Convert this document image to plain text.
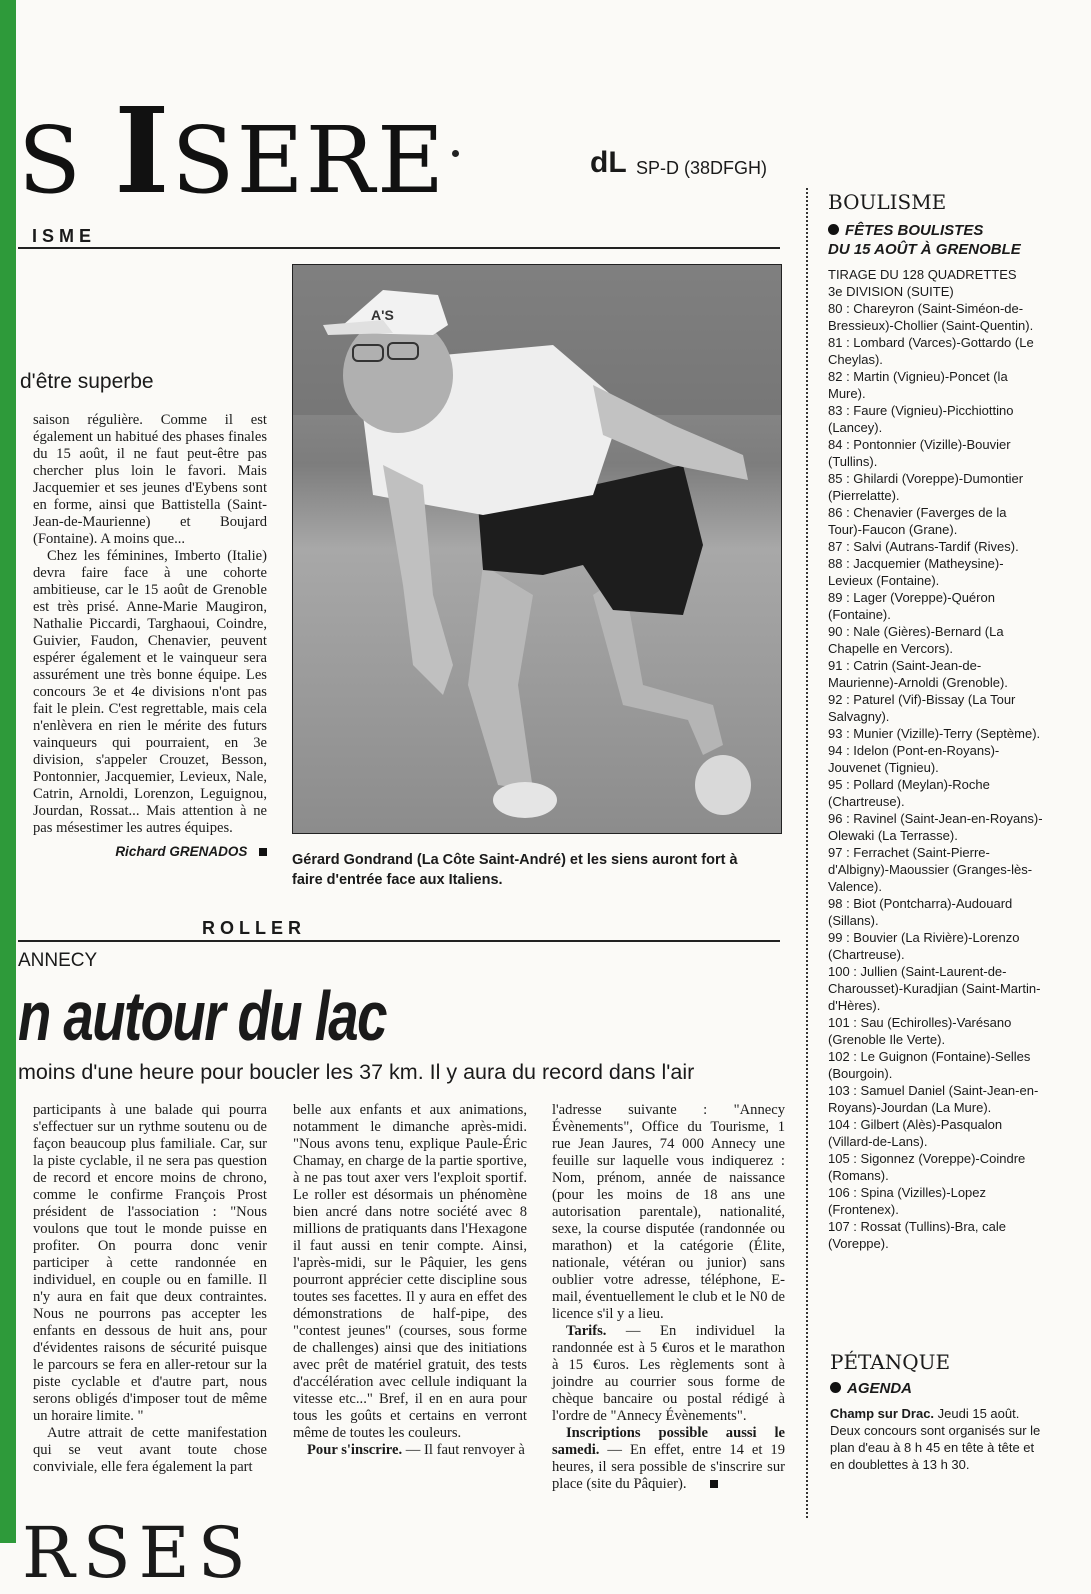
S ISERE	dL SP-D (38DFGH)
ISME
d'être superbe

saison régulière. Comme il est également un habitué des phases finales du 15 août, il ne faut peut-être pas chercher plus loin le favori. Mais Jacquemier et ses jeunes d'Eybens sont en forme, ainsi que Battistella (Saint-Jean-de-Maurienne) et Boujard (Fontaine). A moins que...

Chez les féminines, Imberto (Italie) devra faire face à une cohorte ambitieuse, car le 15 août de Grenoble est très prisé. Anne-Marie Maugiron, Nathalie Piccardi, Targhaoui, Coindre, Guivier, Faudon, Chenavier, peuvent espérer également et le vainqueur sera assurément une très bonne équipe. Les concours 3e et 4e divisions n'ont pas fait le plein. C'est regrettable, mais cela n'enlèvera en rien le mérite des futurs vainqueurs qui pourraient, en 3e division, s'appeler Crouzet, Besson, Pontonnier, Jacquemier, Levieux, Nale, Catrin, Arnoldi, Lorenzon, Leguignou, Jourdan, Rossat... Mais attention à ne pas mésestimer les autres équipes.

Richard GRENADOS
A'S
Gérard Gondrand (La Côte Saint-André) et les siens auront fort à faire d'entrée face aux Italiens.
ROLLER
ANNECY
n autour du lac
moins d'une heure pour boucler les 37 km. Il y aura du record dans l'air

participants à une balade qui pourra s'effectuer sur un rythme soutenu ou de façon beaucoup plus familiale. Car, sur la piste cyclable, il ne sera pas question de record et encore moins de chrono, comme le confirme François Prost président de l'association : "Nous voulons que tout le monde puisse en profiter. On pourra donc venir participer à cette randonnée en individuel, en couple ou en famille. Il n'y aura en fait que deux contraintes. Nous ne pourrons pas accepter les enfants en dessous de huit ans, pour d'évidentes raisons de sécurité puisque le parcours se fera en aller-retour sur la piste cyclable et d'autre part, nous serons obligés d'imposer tout de même un horaire limite. "

Autre attrait de cette manifestation qui se veut avant toute chose conviviale, elle fera également la part

belle aux enfants et aux animations, notamment le dimanche après-midi. "Nous avons tenu, explique Paule-Éric Chamay, en charge de la partie sportive, à ne pas tout axer vers l'exploit sportif. Le roller est désormais un phénomène bien ancré dans notre société avec 8 millions de pratiquants dans l'Hexagone il faut aussi en tenir compte. Ainsi, l'après-midi, sur le Pâquier, les gens pourront apprécier cette discipline sous toutes ses facettes. Il y aura en effet des démonstrations de half-pipe, des "contest jeunes" (courses, sous forme de challenges) ainsi que des initiations avec prêt de matériel gratuit, des tests d'accélération avec cellule indiquant la vitesse etc..." Bref, il en en aura pour tous les goûts et certains en verront même de toutes les couleurs.

Pour s'inscrire. — Il faut renvoyer à

l'adresse suivante : "Annecy Évènements", Office du Tourisme, 1 rue Jean Jaures, 74 000 Annecy une feuille sur laquelle vous indiquerez : Nom, prénom, année de naissance (pour les moins de 18 ans une autorisation parentale), nationalité, sexe, la course disputée (randonnée ou marathon) et la catégorie (Élite, nationale, vétéran ou junior) sans oublier votre adresse, téléphone, E-mail, éventuellement le club et le N0 de licence s'il y a lieu.

Tarifs. — En individuel la randonnée est à 5 €uros et le marathon à 15 €uros. Les règlements sont à joindre au courrier sous forme de chèque bancaire ou postal rédigé à l'ordre de "Annecy Évènements".

Inscriptions possible aussi le samedi. — En effet, entre 14 et 19 heures, il sera possible de s'inscrire sur place (site du Pâquier).

BOULISME
FÊTES BOULISTES
DU 15 AOÛT À GRENOBLE
TIRAGE DU 128 QUADRETTES
3e DIVISION (SUITE)
80 : Chareyron (Saint-Siméon-de-Bressieux)-Chollier (Saint-Quentin).
81 : Lombard (Varces)-Gottardo (Le Cheylas).
82 : Martin (Vignieu)-Poncet (la Mure).
83 : Faure (Vignieu)-Picchiottino (Lancey).
84 : Pontonnier (Vizille)-Bouvier (Tullins).
85 : Ghilardi (Voreppe)-Dumontier (Pierrelatte).
86 : Chenavier (Faverges de la Tour)-Faucon (Grane).
87 : Salvi (Autrans-Tardif (Rives).
88 : Jacquemier (Matheysine)-Levieux (Fontaine).
89 : Lager (Voreppe)-Quéron (Fontaine).
90 : Nale (Gières)-Bernard (La Chapelle en Vercors).
91 : Catrin (Saint-Jean-de-Maurienne)-Arnoldi (Grenoble).
92 : Paturel (Vif)-Bissay (La Tour Salvagny).
93 : Munier (Vizille)-Terry (Septème).
94 : Idelon (Pont-en-Royans)-Jouvenet (Tignieu).
95 : Pollard (Meylan)-Roche (Chartreuse).
96 : Ravinel (Saint-Jean-en-Royans)-Olewaki (La Terrasse).
97 : Ferrachet (Saint-Pierre-d'Albigny)-Maoussier (Granges-lès-Valence).
98 : Biot (Pontcharra)-Audouard (Sillans).
99 : Bouvier (La Rivière)-Lorenzo (Chartreuse).
100 : Jullien (Saint-Laurent-de-Charousset)-Kuradjian (Saint-Martin-d'Hères).
101 : Sau (Echirolles)-Varésano (Grenoble Ile Verte).
102 : Le Guignon (Fontaine)-Selles (Bourgoin).
103 : Samuel Daniel (Saint-Jean-en-Royans)-Jourdan (La Mure).
104 : Gilbert (Alès)-Pasqualon (Villard-de-Lans).
105 : Sigonnez (Voreppe)-Coindre (Romans).
106 : Spina (Vizilles)-Lopez (Frontenex).
107 : Rossat (Tullins)-Bra, cale (Voreppe).
PÉTANQUE
AGENDA
Champ sur Drac. Jeudi 15 août. Deux concours sont organisés sur le plan d'eau à 8 h 45 en tête à tête et en doublettes à 13 h 30.
RSES
